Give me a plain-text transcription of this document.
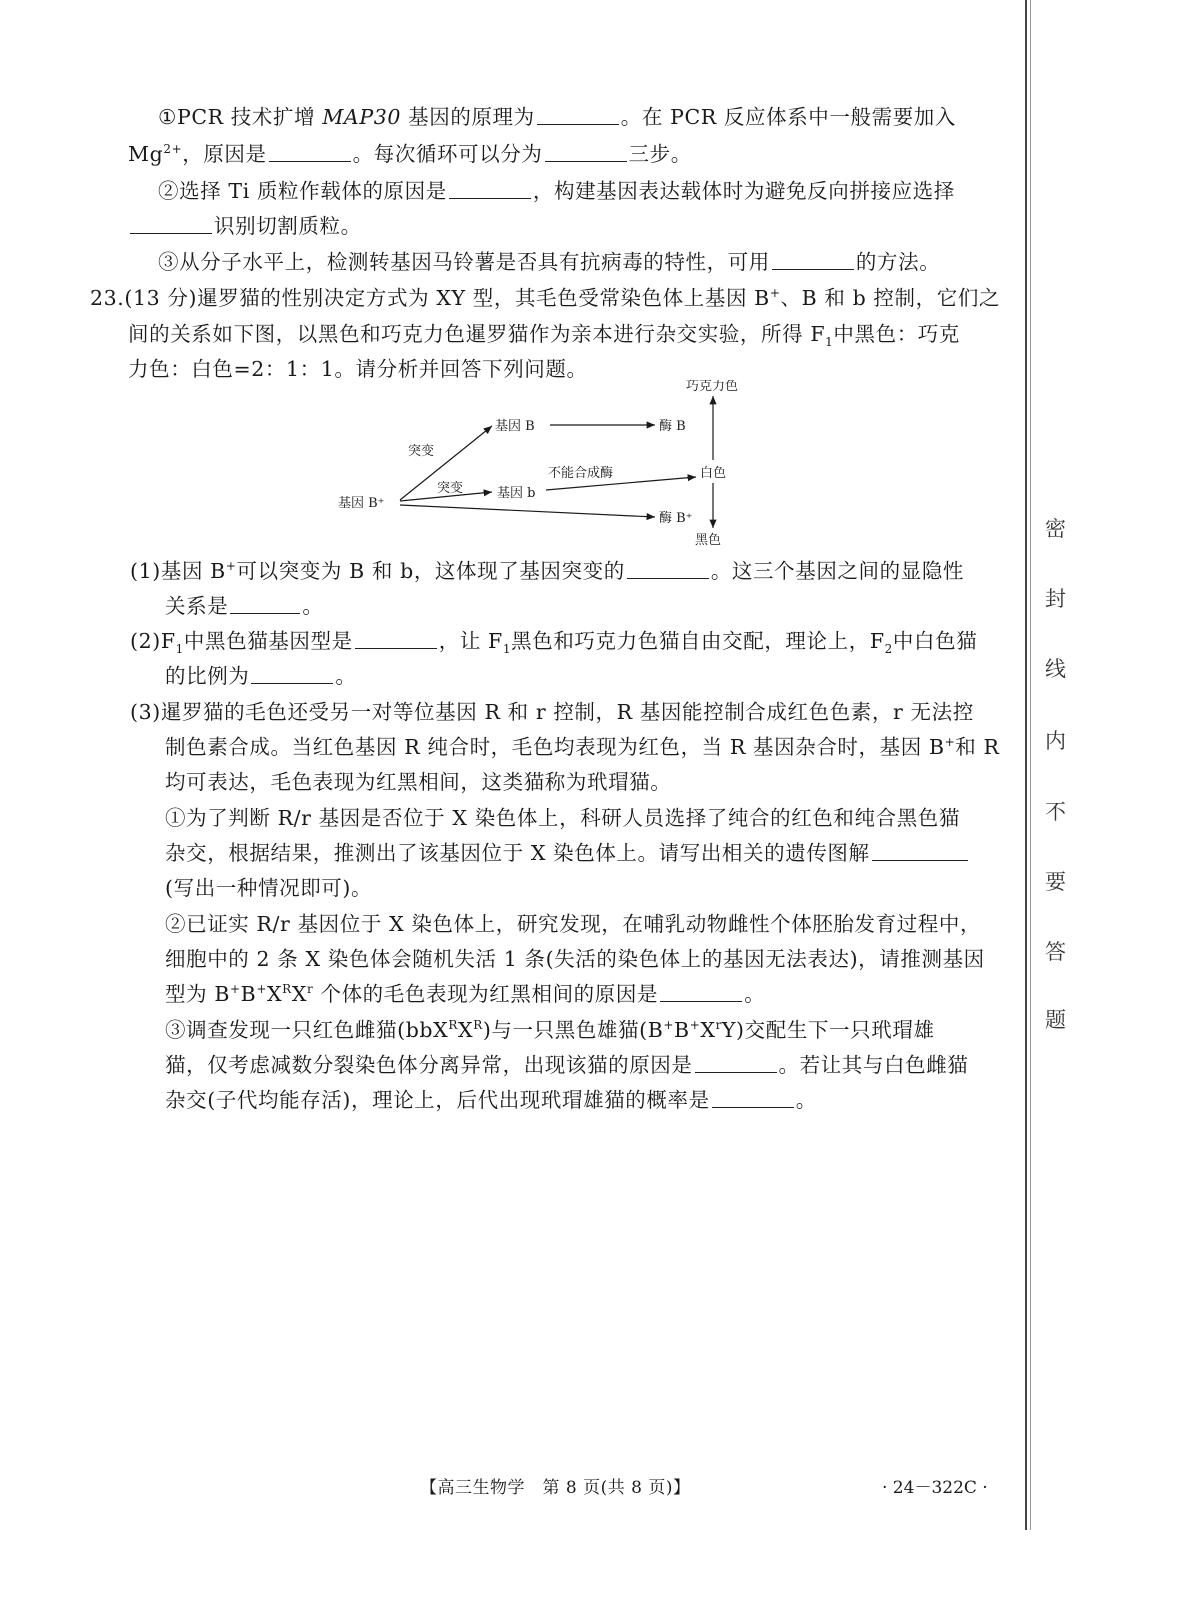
①PCR 技术扩增 MAP30 基因的原理为	。在 PCR 反应体系中一般需要加入
$Mg^{2+}$，原因是	。每次循环可以分为	三步。
②选择 Ti 质粒作载体的原因是	，构建基因表达载体时为避免反向拼接应选择
识别切割质粒。
③从分子水平上，检测转基因马铃薯是否具有抗病毒的特性，可用	的方法。
23.(13 分)暹罗猫的性别决定方式为 XY 型，其毛色受常染色体上基因 B+、B 和 b 控制，它们之
间的关系如下图，以黑色和巧克力色暹罗猫作为亲本进行杂交实验，所得 $F_1$中黑色：巧克
力色：白色=2：1：1。请分析并回答下列问题。
巧克力色
基因 B	酶 B
突变
不能合成酶	白色
突变	基因 b
基因 B⁺
酶 B⁺
黑色
(1)基因 B+可以突变为 B 和 b，这体现了基因突变的	。这三个基因之间的显隐性
关系是	。
$(2)F_1$中黑色猫基因型是	，让 $F_1$黑色和巧克力色猫自由交配，理论上，$F_2$中白色猫
的比例为	。
(3)暹罗猫的毛色还受另一对等位基因 R 和 r 控制，R 基因能控制合成红色色素，r 无法控
制色素合成。当红色基因 R 纯合时，毛色均表现为红色，当 R 基因杂合时，基因 B+和 R
均可表达，毛色表现为红黑相间，这类猫称为玳瑁猫。
①为了判断 R/r 基因是否位于 X 染色体上，科研人员选择了纯合的红色和纯合黑色猫
杂交，根据结果，推测出了该基因位于 X 染色体上。请写出相关的遗传图解
(写出一种情况即可)。
②已证实 R/r 基因位于 X 染色体上，研究发现，在哺乳动物雌性个体胚胎发育过程中，
细胞中的 2 条 X 染色体会随机失活 1 条(失活的染色体上的基因无法表达)，请推测基因
型为 $B^+B^+X^RX^r$ 个体的毛色表现为红黑相间的原因是	。
③调查发现一只红色雌猫$(bbX^RX^R)$与一只黑色雄猫$(B^+B^+X^rY)$交配生下一只玳瑁雄
猫，仅考虑减数分裂染色体分离异常，出现该猫的原因是	。若让其与白色雌猫
杂交(子代均能存活)，理论上，后代出现玳瑁雄猫的概率是	。
密
封
线
内
不
要
答
题
【高三生物学　第 8 页(共 8 页)】	· 24－322C ·
